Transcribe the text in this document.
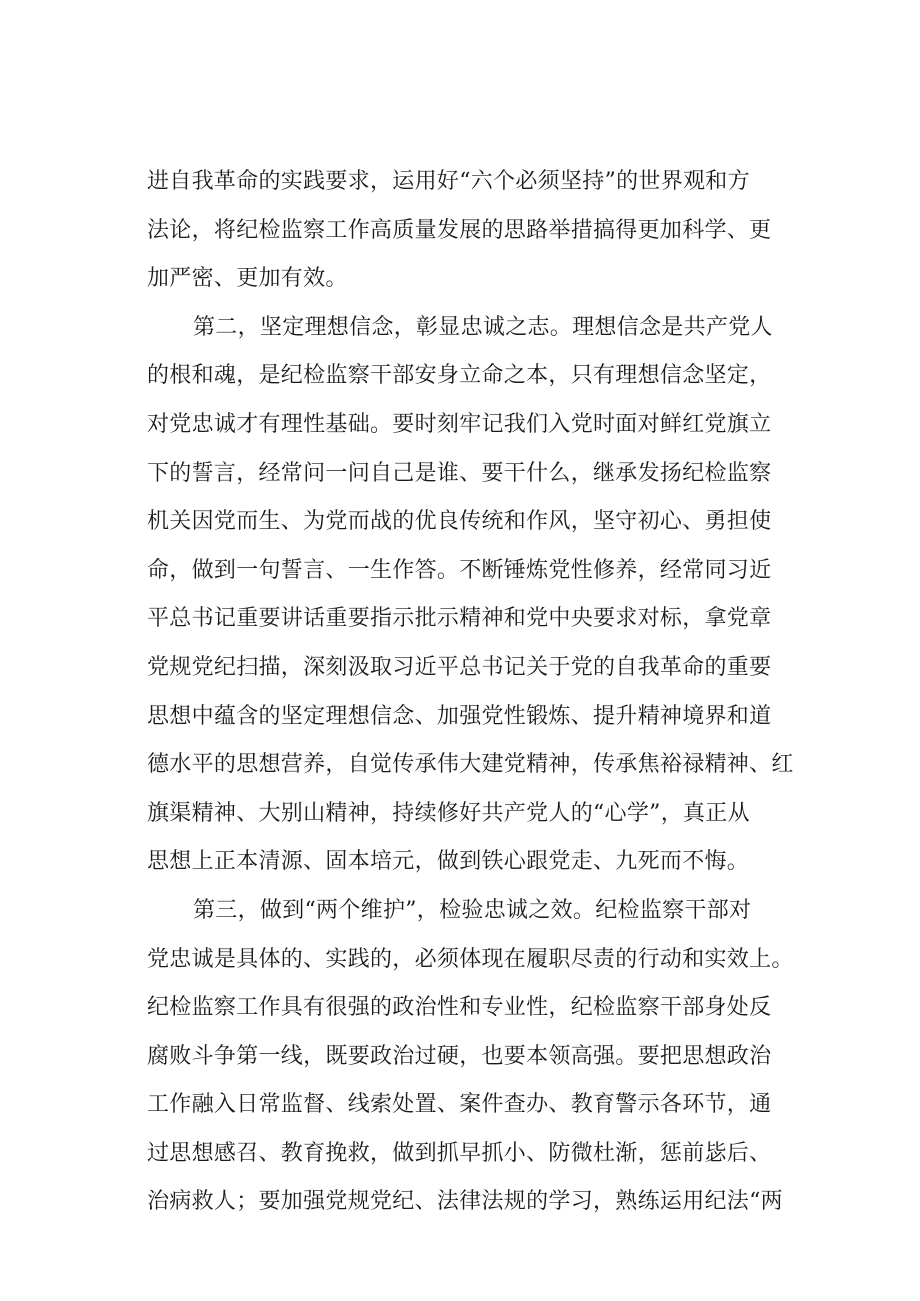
进自我革命的实践要求，运用好“六个必须坚持”的世界观和方
法论，将纪检监察工作高质量发展的思路举措搞得更加科学、更
加严密、更加有效。
第二，坚定理想信念，彰显忠诚之志。理想信念是共产党人
的根和魂，是纪检监察干部安身立命之本，只有理想信念坚定，
对党忠诚才有理性基础。要时刻牢记我们入党时面对鲜红党旗立
下的誓言，经常问一问自己是谁、要干什么，继承发扬纪检监察
机关因党而生、为党而战的优良传统和作风，坚守初心、勇担使
命，做到一句誓言、一生作答。不断锤炼党性修养，经常同习近
平总书记重要讲话重要指示批示精神和党中央要求对标，拿党章
党规党纪扫描，深刻汲取习近平总书记关于党的自我革命的重要
思想中蕴含的坚定理想信念、加强党性锻炼、提升精神境界和道
德水平的思想营养，自觉传承伟大建党精神，传承焦裕禄精神、红
旗渠精神、大别山精神，持续修好共产党人的“心学”，真正从
思想上正本清源、固本培元，做到铁心跟党走、九死而不悔。
第三，做到“两个维护”，检验忠诚之效。纪检监察干部对
党忠诚是具体的、实践的，必须体现在履职尽责的行动和实效上。
纪检监察工作具有很强的政治性和专业性，纪检监察干部身处反
腐败斗争第一线，既要政治过硬，也要本领高强。要把思想政治
工作融入日常监督、线索处置、案件查办、教育警示各环节，通
过思想感召、教育挽救，做到抓早抓小、防微杜渐，惩前毖后、
治病救人；要加强党规党纪、法律法规的学习，熟练运用纪法“两
